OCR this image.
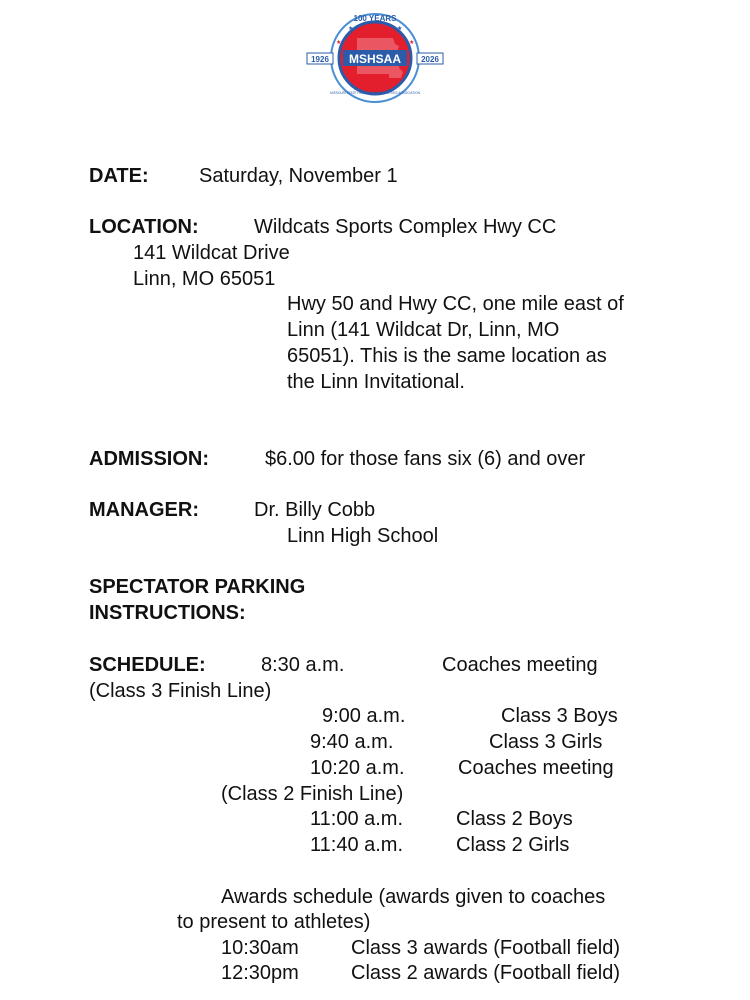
MSHSAA
100 YEARS
★	★
★	★
1926	2026
MISSOURI STATE HIGH SCHOOL ACTIVITIES ASSOCIATION
DATE:	Saturday, November 1
LOCATION:	Wildcats Sports Complex Hwy CC
141 Wildcat Drive
Linn, MO 65051
Hwy 50 and Hwy CC, one mile east of
Linn (141 Wildcat Dr, Linn, MO
65051). This is the same location as
the Linn Invitational.
ADMISSION:	$6.00 for those fans six (6) and over
MANAGER:	Dr. Billy Cobb
Linn High School
SPECTATOR PARKING
INSTRUCTIONS:
SCHEDULE:	8:30 a.m.	Coaches meeting
(Class 3 Finish Line)
9:00 a.m.	Class 3 Boys
9:40 a.m.	Class 3 Girls
10:20 a.m.	Coaches meeting
(Class 2 Finish Line)
11:00 a.m.	Class 2 Boys
11:40 a.m.	Class 2 Girls
Awards schedule (awards given to coaches
to present to athletes)
10:30am	Class 3 awards (Football field)
12:30pm	Class 2 awards (Football field)
